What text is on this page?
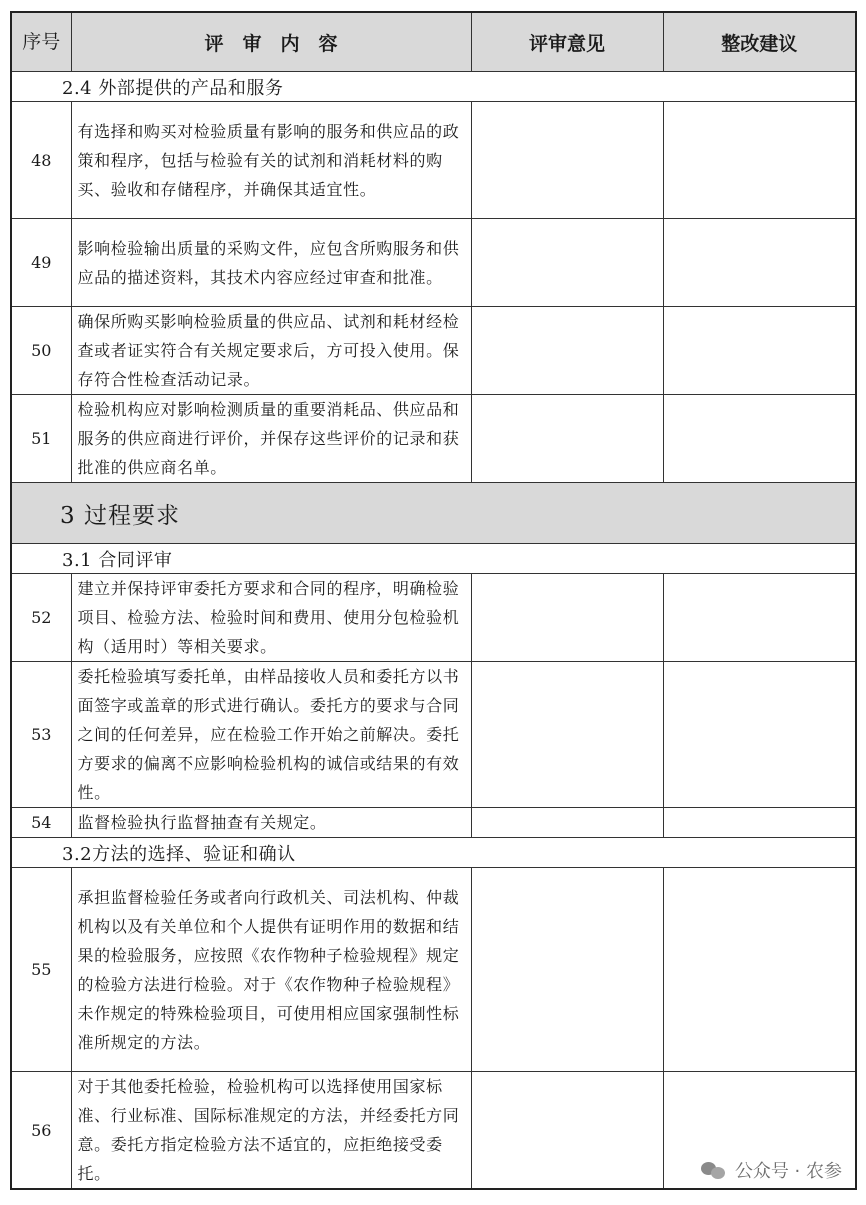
序号	评　审　内　容	评审意见	整改建议
2.4 外部提供的产品和服务			
48	有选择和购买对检验质量有影响的服务和供应品的政策和程序，包括与检验有关的试剂和消耗材料的购买、验收和存储程序，并确保其适宜性。		
49	影响检验输出质量的采购文件，应包含所购服务和供应品的描述资料，其技术内容应经过审查和批准。		
50	确保所购买影响检验质量的供应品、试剂和耗材经检查或者证实符合有关规定要求后，方可投入使用。保存符合性检查活动记录。		
51	检验机构应对影响检测质量的重要消耗品、供应品和服务的供应商进行评价，并保存这些评价的记录和获批准的供应商名单。		
3 过程要求			
3.1 合同评审			
52	建立并保持评审委托方要求和合同的程序，明确检验项目、检验方法、检验时间和费用、使用分包检验机构（适用时）等相关要求。		
53	委托检验填写委托单，由样品接收人员和委托方以书面签字或盖章的形式进行确认。委托方的要求与合同之间的任何差异，应在检验工作开始之前解决。委托方要求的偏离不应影响检验机构的诚信或结果的有效性。		
54	监督检验执行监督抽查有关规定。		
3.2方法的选择、验证和确认			
55	承担监督检验任务或者向行政机关、司法机构、仲裁机构以及有关单位和个人提供有证明作用的数据和结果的检验服务，应按照《农作物种子检验规程》规定的检验方法进行检验。对于《农作物种子检验规程》未作规定的特殊检验项目，可使用相应国家强制性标准所规定的方法。		
56	对于其他委托检验，检验机构可以选择使用国家标准、行业标准、国际标准规定的方法，并经委托方同意。委托方指定检验方法不适宜的，应拒绝接受委托。			公众号 · 农参
